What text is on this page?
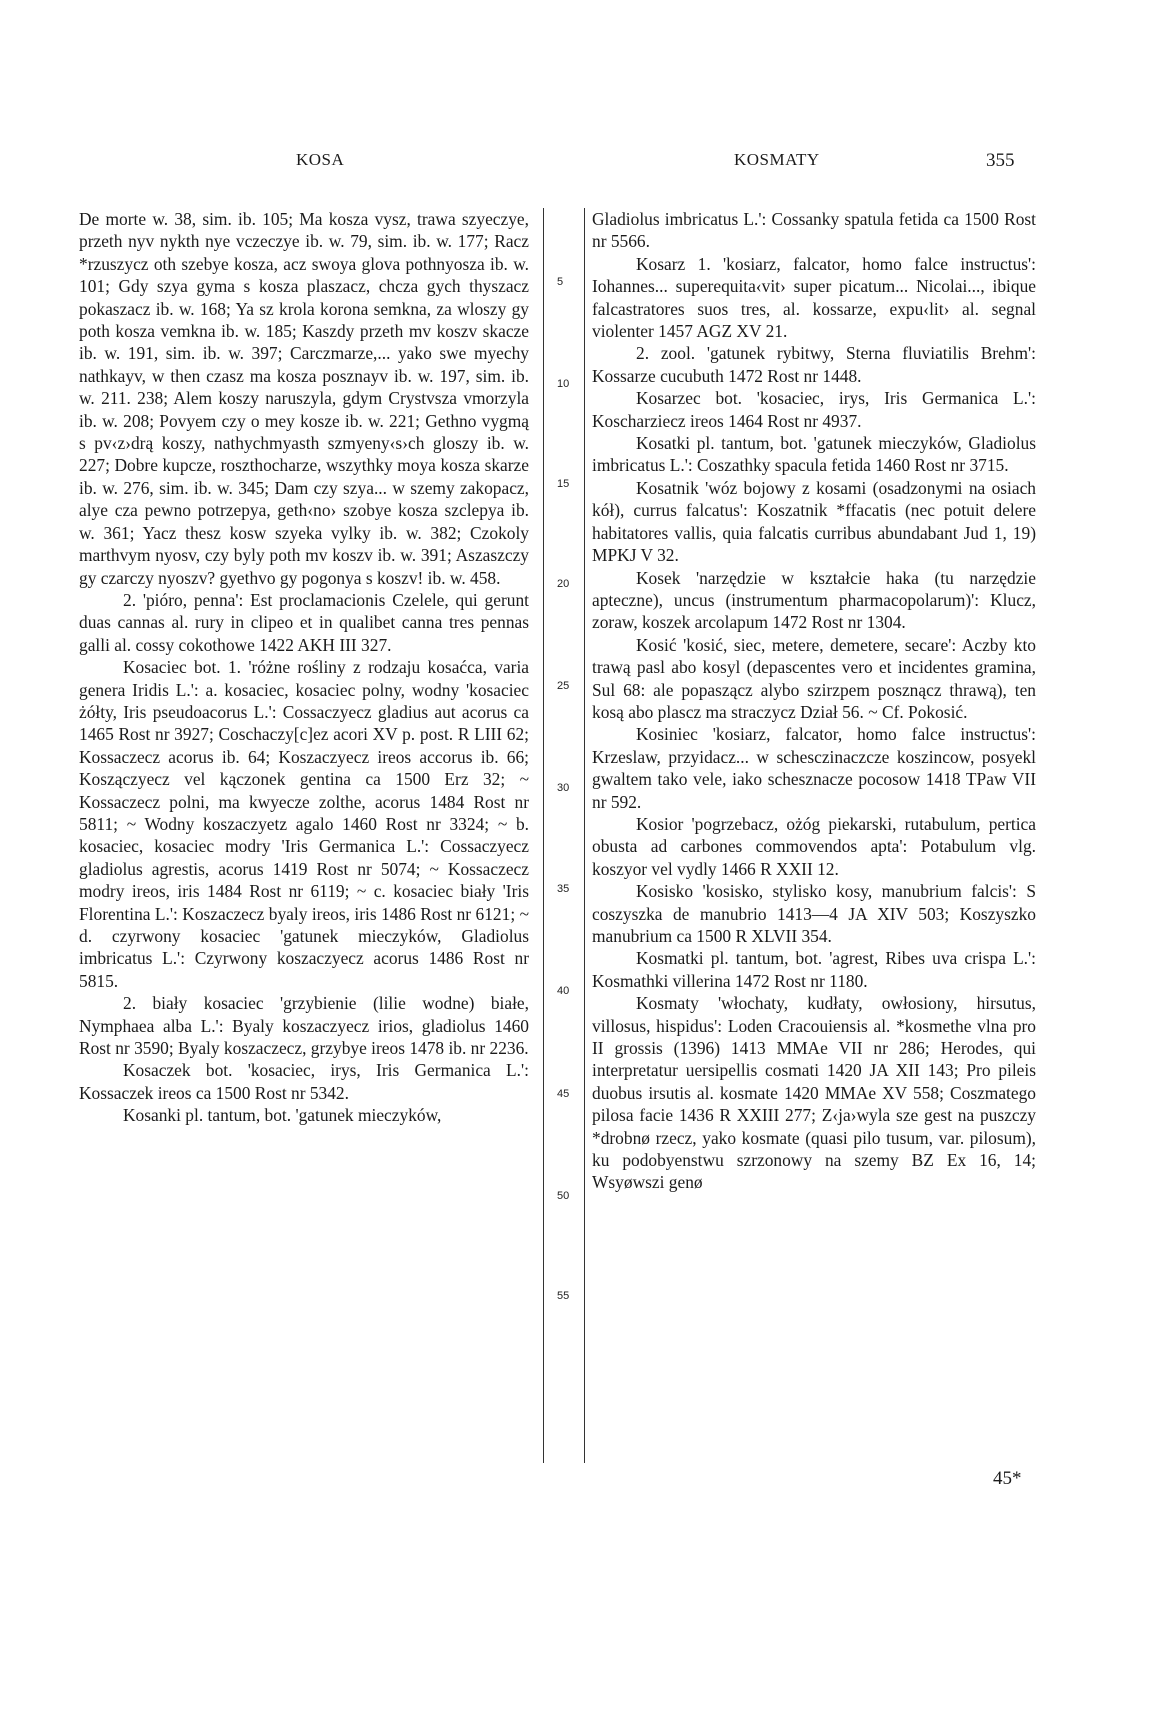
KOSA	KOSMATY	355

De morte w. 38, sim. ib. 105; Ma kosza vysz, trawa szyeczye, przeth nyv nykth nye vczeczye ib. w. 79, sim. ib. w. 177; Racz *rzuszycz oth szebye kosza, acz swoya glova pothnyosza ib. w. 101; Gdy szya gyma s kosza plaszacz, chcza gych thyszacz pokaszacz ib. w. 168; Ya sz krola korona semkna, za wloszy gy poth kosza vemkna ib. w. 185; Kaszdy przeth mv koszv skacze ib. w. 191, sim. ib. w. 397; Carczmarze,... yako swe myechy nathkayv, w then czasz ma kosza posznayv ib. w. 197, sim. ib. w. 211. 238; Alem koszy naruszyla, gdym Crystvsza vmorzyla ib. w. 208; Povyem czy o mey kosze ib. w. 221; Gethno vygmą s pv‹z›drą koszy, nathychmyasth szmyeny‹s›ch gloszy ib. w. 227; Dobre kupcze, roszthocharze, wszythky moya kosza skarze ib. w. 276, sim. ib. w. 345; Dam czy szya... w szemy zakopacz, alye cza pewno potrzepya, geth‹no› szobye kosza szclepya ib. w. 361; Yacz thesz kosw szyeka vylky ib. w. 382; Czokoly marthvym nyosv, czy byly poth mv koszv ib. w. 391; Aszaszczy gy czarczy nyoszv? gyethvo gy pogonya s koszv! ib. w. 458.

2. 'pióro, penna': Est proclamacionis Czelele, qui gerunt duas cannas al. rury in clipeo et in qualibet canna tres pennas galli al. cossy cokothowe 1422 AKH III 327.

Kosaciec bot. 1. 'różne rośliny z rodzaju kosaćca, varia genera Iridis L.': a. kosaciec, kosaciec polny, wodny 'kosaciec żółty, Iris pseudoacorus L.': Cossaczyecz gladius aut acorus ca 1465 Rost nr 3927; Coschaczy[c]ez acori XV p. post. R LIII 62; Kossaczecz acorus ib. 64; Koszaczyecz ireos accorus ib. 66; Koszączyecz vel kączonek gentina ca 1500 Erz 32; ~ Kossaczecz polni, ma kwyecze zolthe, acorus 1484 Rost nr 5811; ~ Wodny koszaczyetz agalo 1460 Rost nr 3324; ~ b. kosaciec, kosaciec modry 'Iris Germanica L.': Cossaczyecz gladiolus agrestis, acorus 1419 Rost nr 5074; ~ Kossaczecz modry ireos, iris 1484 Rost nr 6119; ~ c. kosaciec biały 'Iris Florentina L.': Koszaczecz byaly ireos, iris 1486 Rost nr 6121; ~ d. czyrwony kosaciec 'gatunek mieczyków, Gladiolus imbricatus L.': Czyrwony koszaczyecz acorus 1486 Rost nr 5815.

2. biały kosaciec 'grzybienie (lilie wodne) białe, Nymphaea alba L.': Byaly koszaczyecz irios, gladiolus 1460 Rost nr 3590; Byaly koszaczecz, grzybye ireos 1478 ib. nr 2236.

Kosaczek bot. 'kosaciec, irys, Iris Germanica L.': Kossaczek ireos ca 1500 Rost nr 5342.

Kosanki pl. tantum, bot. 'gatunek mieczyków,

5
10
15
20
25
30
35
40
45
50
55

Gladiolus imbricatus L.': Cossanky spatula fetida ca 1500 Rost nr 5566.

Kosarz 1. 'kosiarz, falcator, homo falce instructus': Iohannes... superequita‹vit› super picatum... Nicolai..., ibique falcastratores suos tres, al. kossarze, expu‹lit› al. segnal violenter 1457 AGZ XV 21.

2. zool. 'gatunek rybitwy, Sterna fluviatilis Brehm': Kossarze cucubuth 1472 Rost nr 1448.

Kosarzec bot. 'kosaciec, irys, Iris Germanica L.': Koscharziecz ireos 1464 Rost nr 4937.

Kosatki pl. tantum, bot. 'gatunek mieczyków, Gladiolus imbricatus L.': Coszathky spacula fetida 1460 Rost nr 3715.

Kosatnik 'wóz bojowy z kosami (osadzonymi na osiach kół), currus falcatus': Koszatnik *ffacatis (nec potuit delere habitatores vallis, quia falcatis curribus abundabant Jud 1, 19) MPKJ V 32.

Kosek 'narzędzie w kształcie haka (tu narzędzie apteczne), uncus (instrumentum pharmacopolarum)': Klucz, zoraw, koszek arcolapum 1472 Rost nr 1304.

Kosić 'kosić, siec, metere, demetere, secare': Aczby kto trawą pasl abo kosyl (depascentes vero et incidentes gramina, Sul 68: ale popaszącz alybo szirzpem posznącz thrawą), ten kosą abo plascz ma straczycz Dział 56. ~ Cf. Pokosić.

Kosiniec 'kosiarz, falcator, homo falce instructus': Krzeslaw, przyidacz... w schesczinaczcze koszincow, posyekl gwaltem tako vele, iako schesznacze pocosow 1418 TPaw VII nr 592.

Kosior 'pogrzebacz, ożóg piekarski, rutabulum, pertica obusta ad carbones commovendos apta': Potabulum vlg. koszyor vel vydly 1466 R XXII 12.

Kosisko 'kosisko, stylisko kosy, manubrium falcis': S coszyszka de manubrio 1413—4 JA XIV 503; Koszyszko manubrium ca 1500 R XLVII 354.

Kosmatki pl. tantum, bot. 'agrest, Ribes uva crispa L.': Kosmathki villerina 1472 Rost nr 1180.

Kosmaty 'włochaty, kudłaty, owłosiony, hirsutus, villosus, hispidus': Loden Cracouiensis al. *kosmethe vlna pro II grossis (1396) 1413 MMAe VII nr 286; Herodes, qui interpretatur uersipellis cosmati 1420 JA XII 143; Pro pileis duobus irsutis al. kosmate 1420 MMAe XV 558; Coszmatego pilosa facie 1436 R XXIII 277; Z‹ja›wyla sze gest na puszczy *drobnø rzecz, yako kosmate (quasi pilo tusum, var. pilosum), ku podobyenstwu szrzonowy na szemy BZ Ex 16, 14; Wsyøwszi genø

45*
